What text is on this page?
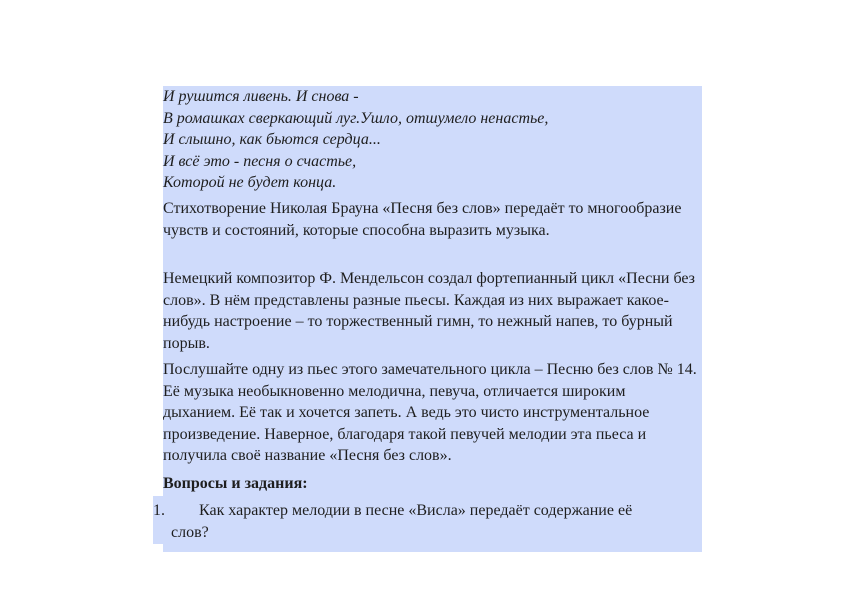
И рушится ливень. И снова -
В ромашках сверкающий луг.Ушло, отшумело ненастье,
И слышно, как бьются сердца...
И всё это - песня о счастье,
Которой не будет конца.
Стихотворение Николая Брауна «Песня без слов» передаёт то многообразие чувств и состояний, которые способна выразить музыка.
Немецкий композитор Ф. Мендельсон создал фортепианный цикл «Песни без слов». В нём представлены разные пьесы. Каждая из них выражает какое-нибудь настроение – то торжественный гимн, то нежный напев, то бурный порыв.
Послушайте одну из пьес этого замечательного цикла – Песню без слов № 14. Её музыка необыкновенно мелодична, певуча, отличается широким дыханием. Её так и хочется запеть. А ведь это чисто инструментальное произведение. Наверное, благодаря такой певучей мелодии эта пьеса и получила своё название «Песня без слов».
Вопросы и задания:
1. Как характер мелодии в песне «Висла» передаёт содержание её
слов?
